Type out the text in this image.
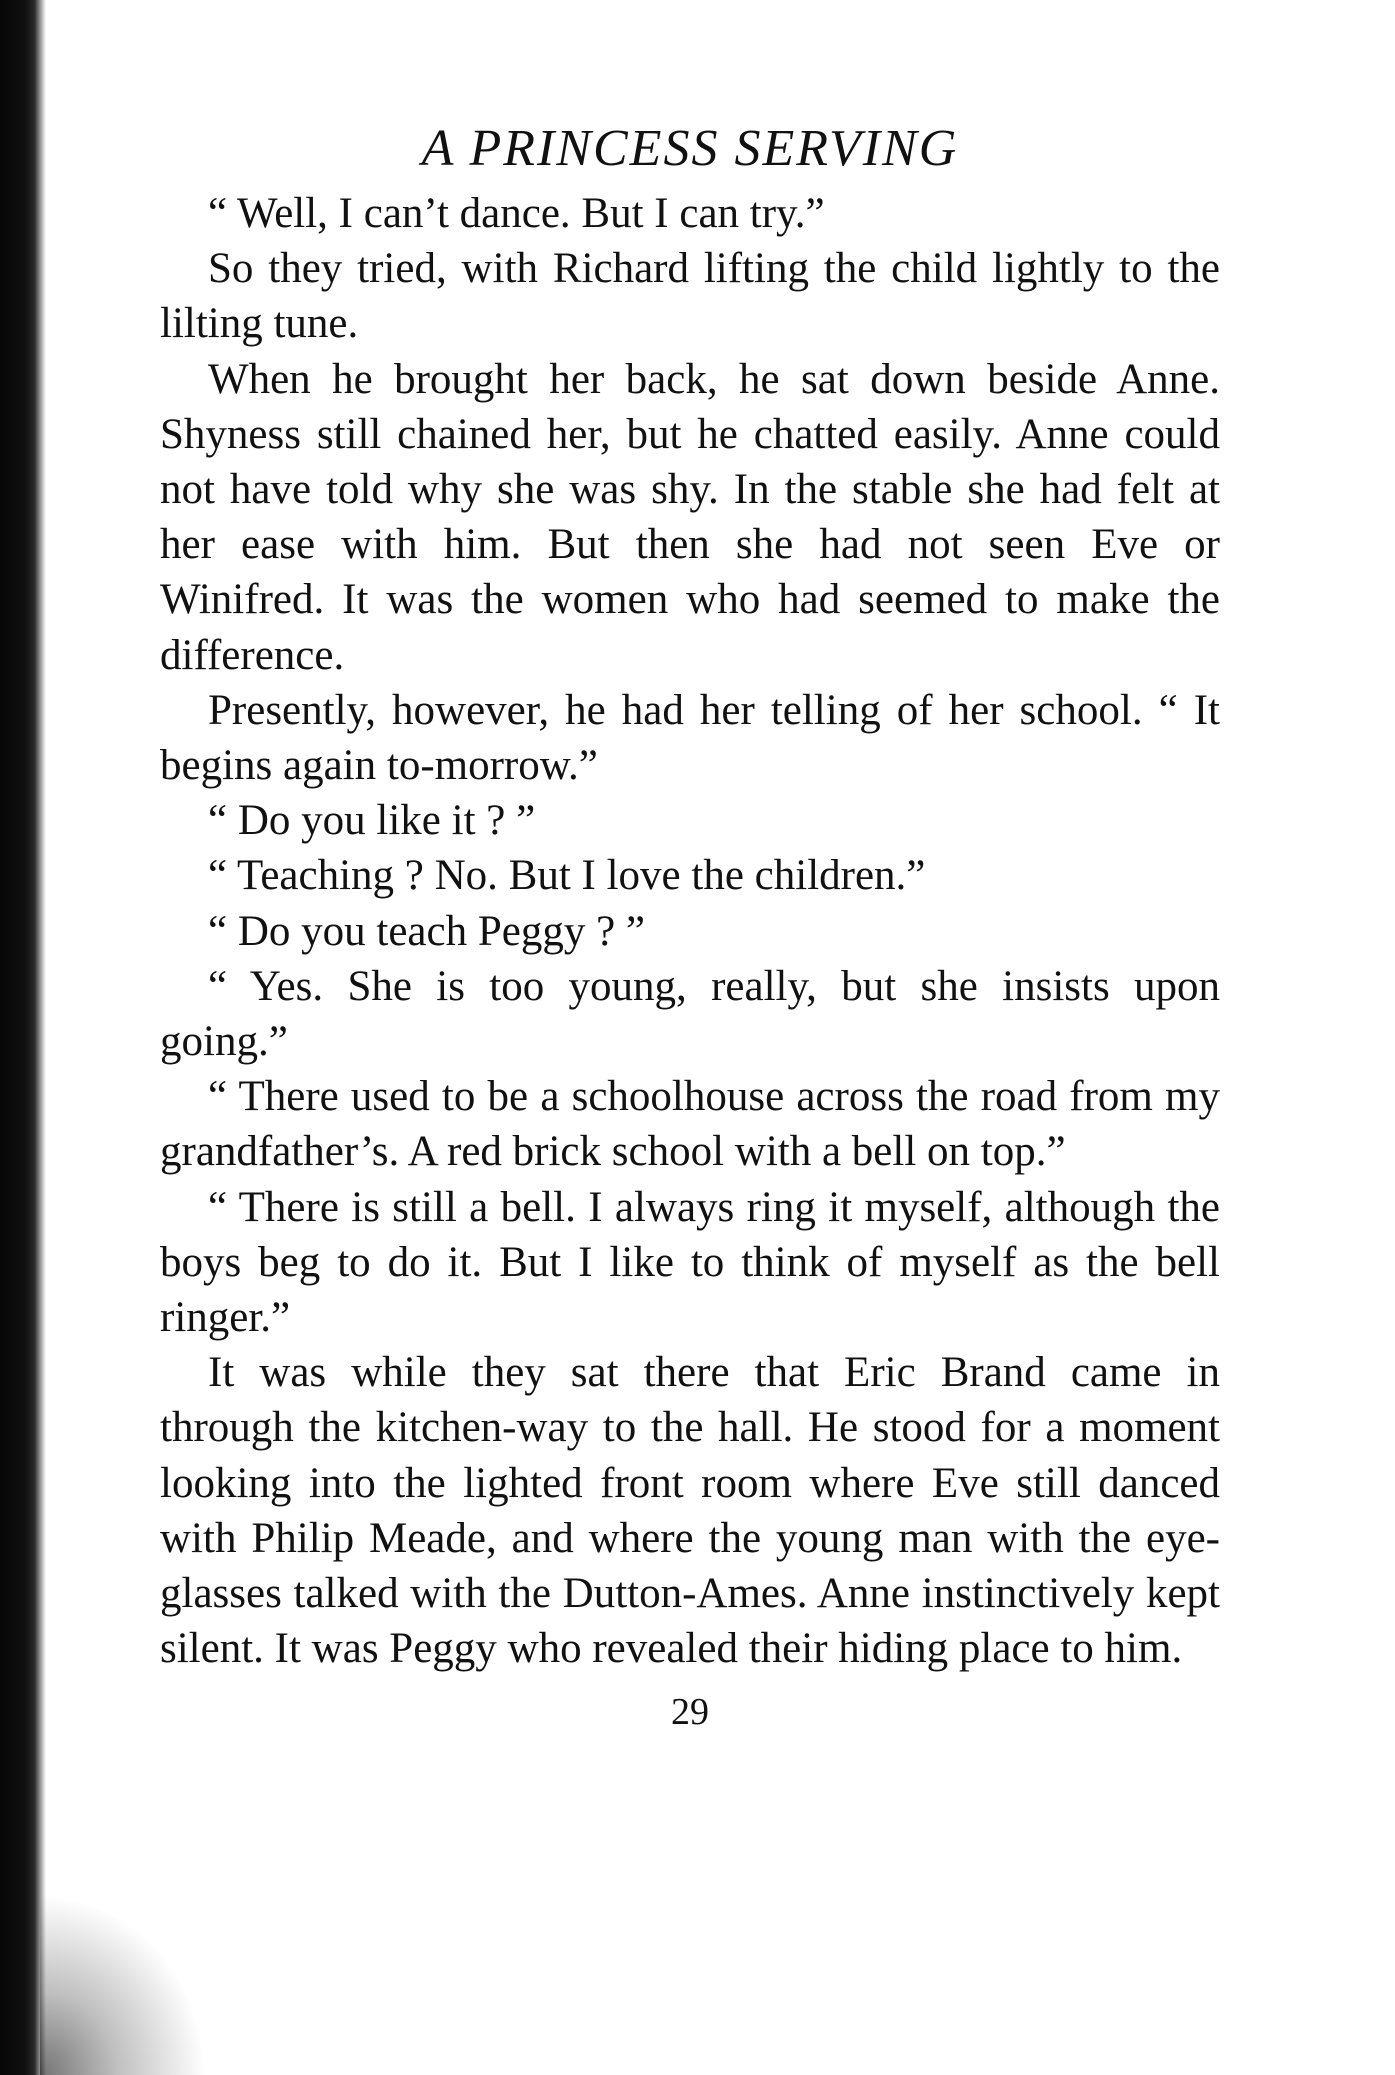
A PRINCESS SERVING

“ Well, I can’t dance. But I can try.”

So they tried, with Richard lifting the child lightly to the lilting tune.

When he brought her back, he sat down beside Anne. Shyness still chained her, but he chatted easily. Anne could not have told why she was shy. In the stable she had felt at her ease with him. But then she had not seen Eve or Winifred. It was the women who had seemed to make the difference.

Presently, however, he had her telling of her school. “ It begins again to-morrow.”

“ Do you like it ? ”

“ Teaching ? No. But I love the children.”

“ Do you teach Peggy ? ”

“ Yes. She is too young, really, but she insists upon going.”

“ There used to be a schoolhouse across the road from my grandfather’s. A red brick school with a bell on top.”

“ There is still a bell. I always ring it myself, although the boys beg to do it. But I like to think of myself as the bell ringer.”

It was while they sat there that Eric Brand came in through the kitchen-way to the hall. He stood for a moment looking into the lighted front room where Eve still danced with Philip Meade, and where the young man with the eye-glasses talked with the Dutton-Ames. Anne instinctively kept silent. It was Peggy who revealed their hiding place to him.

29
